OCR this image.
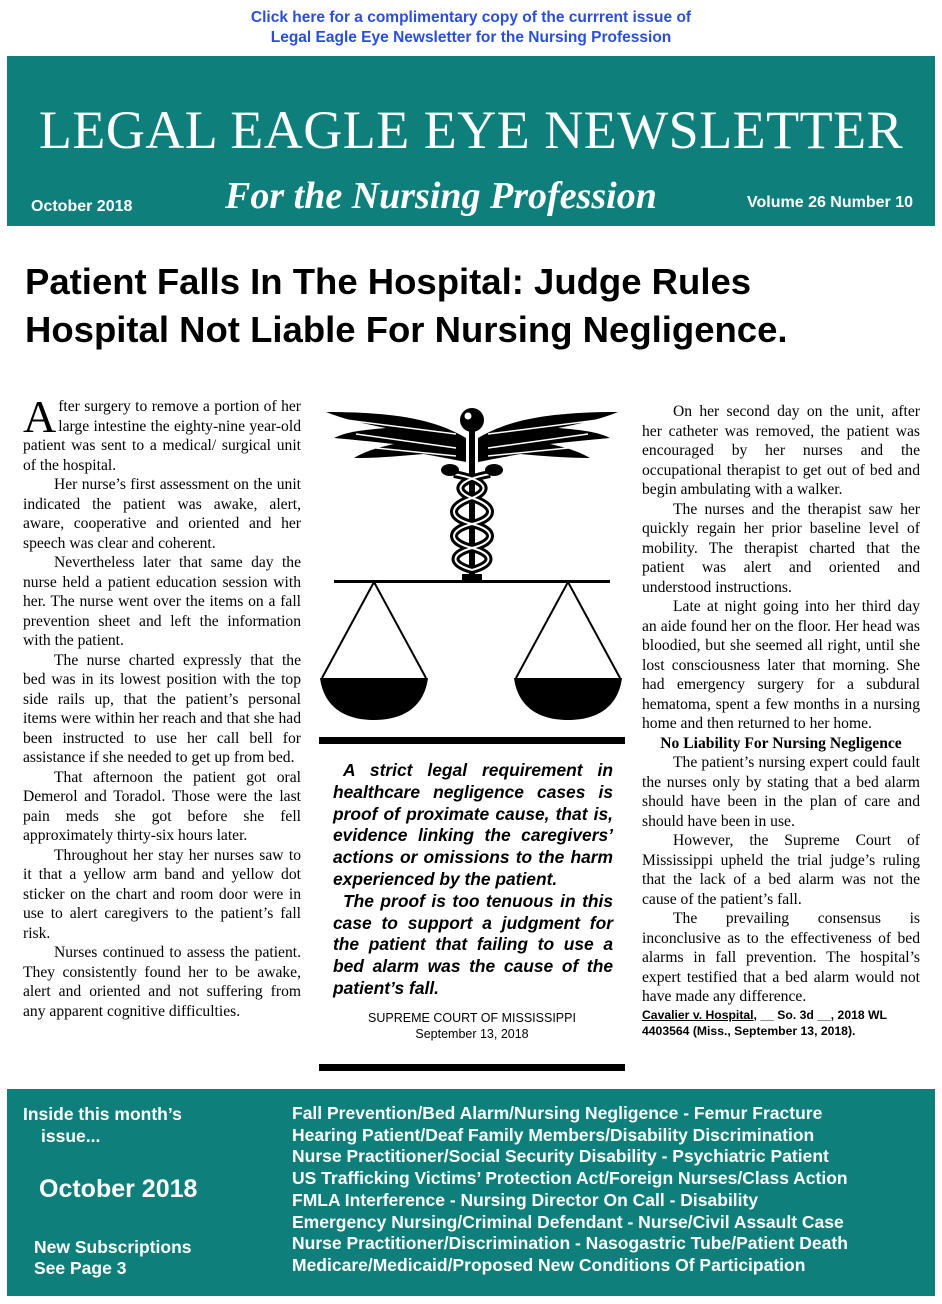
Click here for a complimentary copy of the currrent issue of
Legal Eagle Eye Newsletter for the Nursing Profession
LEGAL EAGLE EYE NEWSLETTER
October 2018 For the Nursing Profession	Volume 26 Number 10
Patient Falls In The Hospital: Judge Rules
Hospital Not Liable For Nursing Negligence.

After surgery to remove a portion of her large intestine the eighty-nine year-old patient was sent to a medical/ surgical unit of the hospital.

Her nurse’s first assessment on the unit indicated the patient was awake, alert, aware, cooperative and oriented and her speech was clear and coherent.

Nevertheless later that same day the nurse held a patient education session with her. The nurse went over the items on a fall prevention sheet and left the information with the patient.

The nurse charted expressly that the bed was in its lowest position with the top side rails up, that the patient’s personal items were within her reach and that she had been instructed to use her call bell for assistance if she needed to get up from bed.

That afternoon the patient got oral Demerol and Toradol. Those were the last pain meds she got before she fell approximately thirty-six hours later.

Throughout her stay her nurses saw to it that a yellow arm band and yellow dot sticker on the chart and room door were in use to alert caregivers to the patient’s fall risk.

Nurses continued to assess the patient. They consistently found her to be awake, alert and oriented and not suffering from any apparent cognitive difficulties.

A strict legal requirement in healthcare negligence cases is proof of proximate cause, that is, evidence linking the caregivers’ actions or omissions to the harm experienced by the patient.

The proof is too tenuous in this case to support a judgment for the patient that failing to use a bed alarm was the cause of the patient’s fall.

SUPREME COURT OF MISSISSIPPI
September 13, 2018

On her second day on the unit, after her catheter was removed, the patient was encouraged by her nurses and the occupational therapist to get out of bed and begin ambulating with a walker.

The nurses and the therapist saw her quickly regain her prior baseline level of mobility. The therapist charted that the patient was alert and oriented and understood instructions.

Late at night going into her third day an aide found her on the floor. Her head was bloodied, but she seemed all right, until she lost consciousness later that morning. She had emergency surgery for a subdural hematoma, spent a few months in a nursing home and then returned to her home.

No Liability For Nursing Negligence

The patient’s nursing expert could fault the nurses only by stating that a bed alarm should have been in the plan of care and should have been in use.

However, the Supreme Court of Mississippi upheld the trial judge’s ruling that the lack of a bed alarm was not the cause of the patient’s fall.

The prevailing consensus is inconclusive as to the effectiveness of bed alarms in fall prevention. The hospital’s expert testified that a bed alarm would not have made any difference.

Cavalier v. Hospital, __ So. 3d __, 2018 WL 4403564 (Miss., September 13, 2018).

Inside this month’s
issue...
October 2018
New Subscriptions
See Page 3
Fall Prevention/Bed Alarm/Nursing Negligence - Femur Fracture
Hearing Patient/Deaf Family Members/Disability Discrimination
Nurse Practitioner/Social Security Disability - Psychiatric Patient
US Trafficking Victims’ Protection Act/Foreign Nurses/Class Action
FMLA Interference - Nursing Director On Call - Disability
Emergency Nursing/Criminal Defendant - Nurse/Civil Assault Case
Nurse Practitioner/Discrimination - Nasogastric Tube/Patient Death
Medicare/Medicaid/Proposed New Conditions Of Participation
